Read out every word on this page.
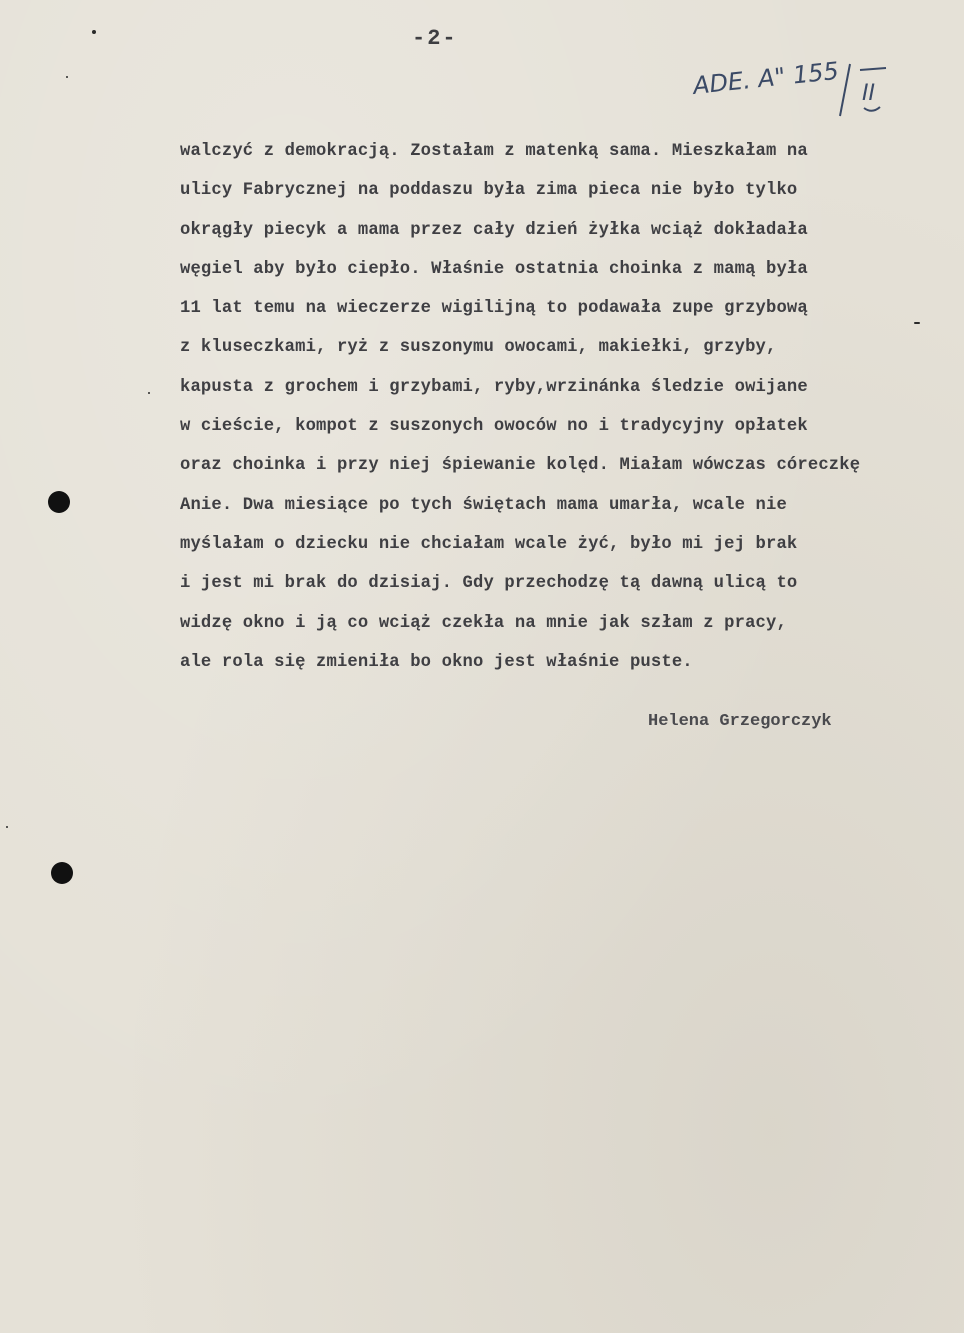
-2-
ADE. A" 155 II
walczyć z demokracją. Zostałam z matenką sama. Mieszkałam na
ulicy Fabrycznej na poddaszu była zima pieca nie było tylko
okrągły piecyk a mama przez cały dzień żyłka wciąż dokładała
węgiel aby było ciepło. Właśnie ostatnia choinka z mamą była
11 lat temu na wieczerze wigilijną to podawała zupe grzybową
z kluseczkami, ryż z suszonymu owocami, makiełki, grzyby,
kapusta z grochem i grzybami, ryby,wrzinánka śledzie owijane
w cieście, kompot z suszonych owoców no i tradycyjny opłatek
oraz choinka i przy niej śpiewanie kolęd. Miałam wówczas córeczkę
Anie. Dwa miesiące po tych świętach mama umarła, wcale nie
myślałam o dziecku nie chciałam wcale żyć, było mi jej brak
i jest mi brak do dzisiaj. Gdy przechodzę tą dawną ulicą to
widzę okno i ją co wciąż czekła na mnie jak szłam z pracy,
ale rola się zmieniła bo okno jest właśnie puste.
Helena Grzegorczyk
